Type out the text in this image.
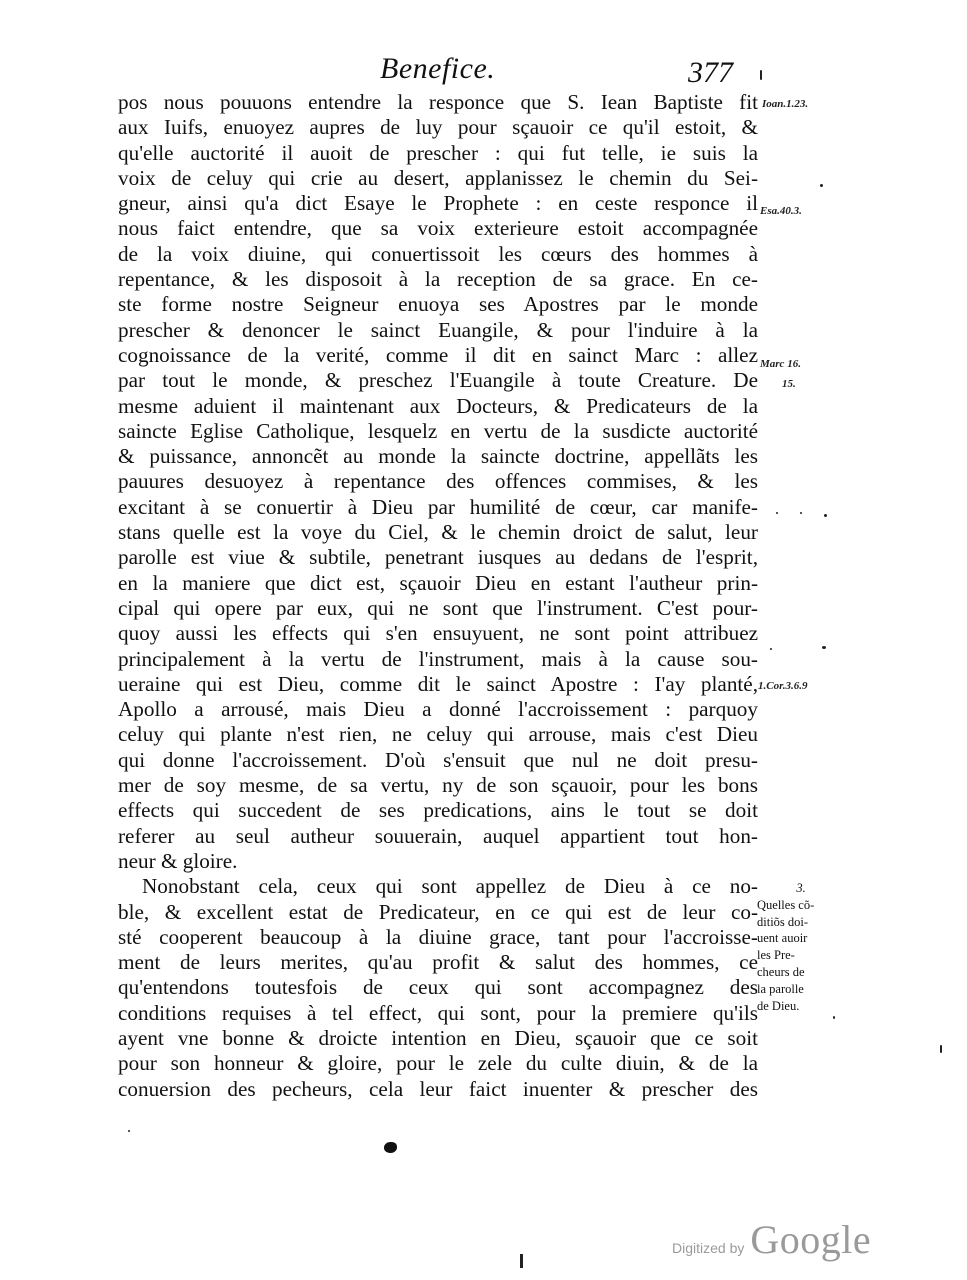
Benefice.	377
pos nous pouuons entendre la responce que S. Iean Baptiste fit
aux Iuifs, enuoyez aupres de luy pour sçauoir ce qu'il estoit, &
qu'elle auctorité il auoit de prescher : qui fut telle, ie suis la
voix de celuy qui crie au desert, applanissez le chemin du Sei-
gneur, ainsi qu'a dict Esaye le Prophete : en ceste responce il
nous faict entendre, que sa voix exterieure estoit accompagnée
de la voix diuine, qui conuertissoit les cœurs des hommes à
repentance, & les disposoit à la reception de sa grace. En ce-
ste forme nostre Seigneur enuoya ses Apostres par le monde
prescher & denoncer le sainct Euangile, & pour l'induire à la
cognoissance de la verité, comme il dit en sainct Marc : allez
par tout le monde, & preschez l'Euangile à toute Creature. De
mesme aduient il maintenant aux Docteurs, & Predicateurs de la
saincte Eglise Catholique, lesquelz en vertu de la susdicte auctorité
& puissance, annoncẽt au monde la saincte doctrine, appellãts les
pauures desuoyez à repentance des offences commises, & les
excitant à se conuertir à Dieu par humilité de cœur, car manife-
stans quelle est la voye du Ciel, & le chemin droict de salut, leur
parolle est viue & subtile, penetrant iusques au dedans de l'esprit,
en la maniere que dict est, sçauoir Dieu en estant l'autheur prin-
cipal qui opere par eux, qui ne sont que l'instrument. C'est pour-
quoy aussi les effects qui s'en ensuyuent, ne sont point attribuez
principalement à la vertu de l'instrument, mais à la cause sou-
ueraine qui est Dieu, comme dit le sainct Apostre : I'ay planté,
Apollo a arrousé, mais Dieu a donné l'accroissement : parquoy
celuy qui plante n'est rien, ne celuy qui arrouse, mais c'est Dieu
qui donne l'accroissement. D'où s'ensuit que nul ne doit presu-
mer de soy mesme, de sa vertu, ny de son sçauoir, pour les bons
effects qui succedent de ses predications, ains le tout se doit
referer au seul autheur souuerain, auquel appartient tout hon-
neur & gloire.
Nonobstant cela, ceux qui sont appellez de Dieu à ce no-
ble, & excellent estat de Predicateur, en ce qui est de leur co-
sté cooperent beaucoup à la diuine grace, tant pour l'accroisse-
ment de leurs merites, qu'au profit & salut des hommes, ce
qu'entendons toutesfois de ceux qui sont accompagnez des
conditions requises à tel effect, qui sont, pour la premiere qu'ils
ayent vne bonne & droicte intention en Dieu, sçauoir que ce soit
pour son honneur & gloire, pour le zele du culte diuin, & de la
conuersion des pecheurs, cela leur faict inuenter & prescher des
Ioan.1.23.
Esa.40.3.
Marc 16.
15.
1.Cor.3.6.9
3.
Quelles cõ-
ditiõs doi-
uent auoir
les Pre-
cheurs de
la parolle
de Dieu.
Digitized by Google
